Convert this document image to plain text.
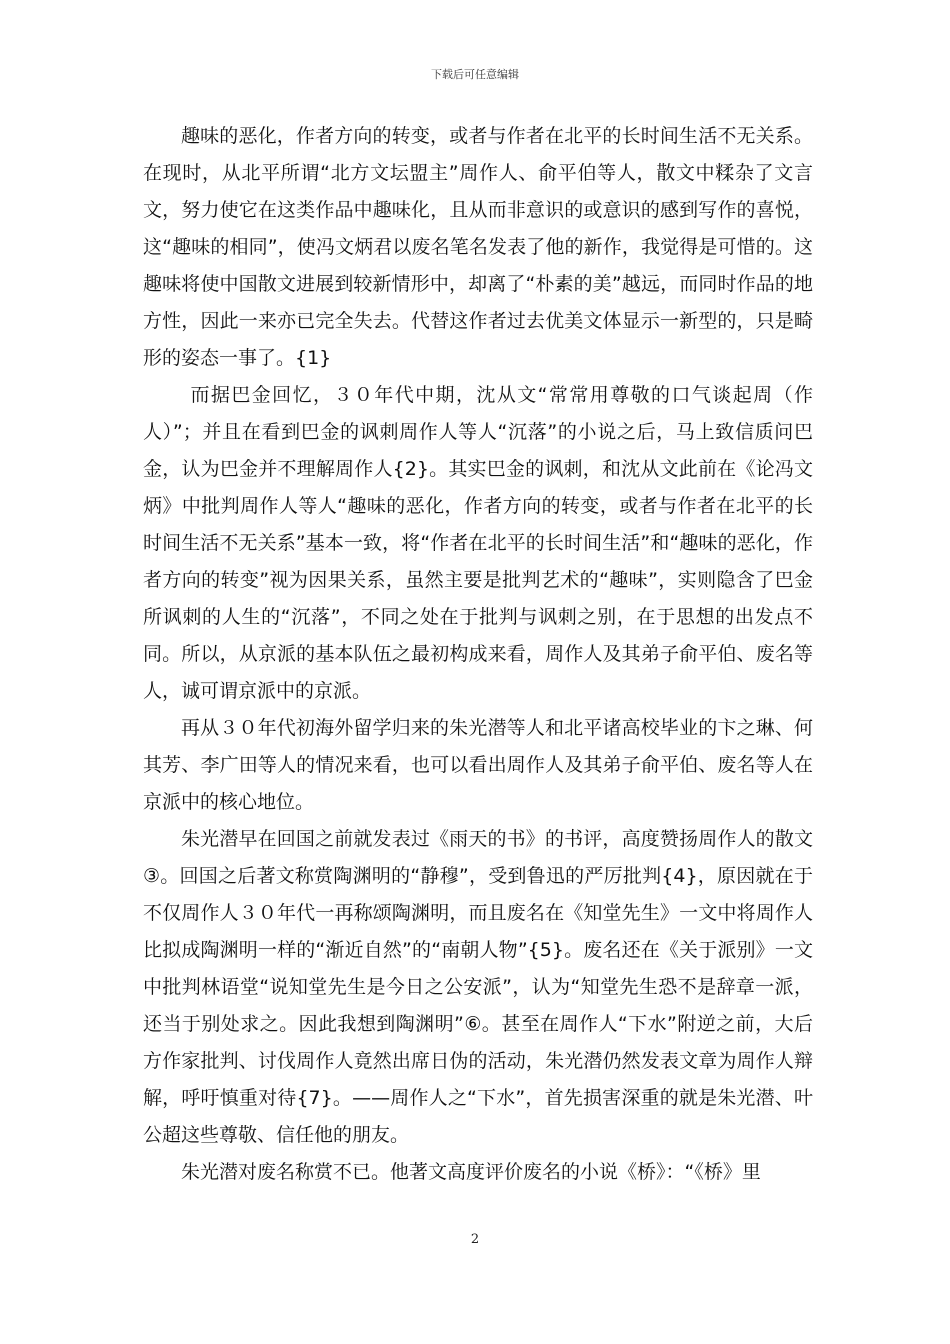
下载后可任意编辑

趣味的恶化，作者方向的转变，或者与作者在北平的长时间生活不无关系。在现时，从北平所谓“北方文坛盟主”周作人、俞平伯等人，散文中糅杂了文言文，努力使它在这类作品中趣味化，且从而非意识的或意识的感到写作的喜悦，这“趣味的相同”，使冯文炳君以废名笔名发表了他的新作，我觉得是可惜的。这趣味将使中国散文进展到较新情形中，却离了“朴素的美”越远，而同时作品的地方性，因此一来亦已完全失去。代替这作者过去优美文体显示一新型的，只是畸形的姿态一事了。{1}

而据巴金回忆，３０年代中期，沈从文“常常用尊敬的口气谈起周（作人）”；并且在看到巴金的讽刺周作人等人“沉落”的小说之后，马上致信质问巴金，认为巴金并不理解周作人{2}。其实巴金的讽刺，和沈从文此前在《论冯文炳》中批判周作人等人“趣味的恶化，作者方向的转变，或者与作者在北平的长时间生活不无关系”基本一致，将“作者在北平的长时间生活”和“趣味的恶化，作者方向的转变”视为因果关系，虽然主要是批判艺术的“趣味”，实则隐含了巴金所讽刺的人生的“沉落”，不同之处在于批判与讽刺之别，在于思想的出发点不同。所以，从京派的基本队伍之最初构成来看，周作人及其弟子俞平伯、废名等人，诚可谓京派中的京派。

再从３０年代初海外留学归来的朱光潜等人和北平诸高校毕业的卞之琳、何其芳、李广田等人的情况来看，也可以看出周作人及其弟子俞平伯、废名等人在京派中的核心地位。

朱光潜早在回国之前就发表过《雨天的书》的书评，高度赞扬周作人的散文③。回国之后著文称赏陶渊明的“静穆”，受到鲁迅的严厉批判{4}，原因就在于不仅周作人３０年代一再称颂陶渊明，而且废名在《知堂先生》一文中将周作人比拟成陶渊明一样的“渐近自然”的“南朝人物”{5}。废名还在《关于派别》一文中批判林语堂“说知堂先生是今日之公安派”，认为“知堂先生恐不是辞章一派，还当于别处求之。因此我想到陶渊明”⑥。甚至在周作人“下水”附逆之前，大后方作家批判、讨伐周作人竟然出席日伪的活动，朱光潜仍然发表文章为周作人辩解，呼吁慎重对待{7}。——周作人之“下水”，首先损害深重的就是朱光潜、叶公超这些尊敬、信任他的朋友。

朱光潜对废名称赏不已。他著文高度评价废名的小说《桥》：“《桥》里

2
